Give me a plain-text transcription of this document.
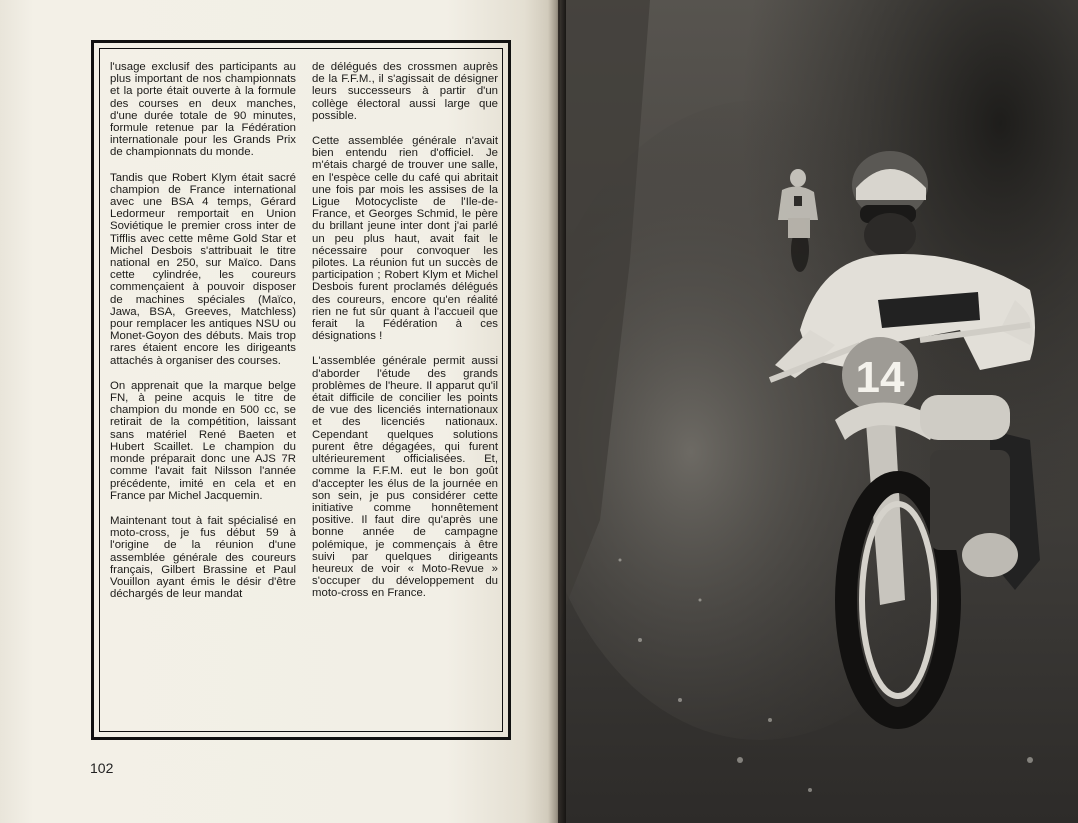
l'usage exclusif des participants au plus important de nos championnats et la porte était ouverte à la formule des courses en deux manches, d'une durée totale de 90 minutes, formule retenue par la Fédération internationale pour les Grands Prix de championnats du monde.

Tandis que Robert Klym était sacré champion de France international avec une BSA 4 temps, Gérard Ledormeur remportait en Union Soviétique le premier cross inter de Tifflis avec cette même Gold Star et Michel Desbois s'attribuait le titre national en 250, sur Maïco. Dans cette cylindrée, les coureurs commençaient à pouvoir disposer de machines spéciales (Maïco, Jawa, BSA, Greeves, Matchless) pour remplacer les antiques NSU ou Monet-Goyon des débuts. Mais trop rares étaient encore les dirigeants attachés à organiser des courses.

On apprenait que la marque belge FN, à peine acquis le titre de champion du monde en 500 cc, se retirait de la compétition, laissant sans matériel René Baeten et Hubert Scaillet. Le champion du monde préparait donc une AJS 7R comme l'avait fait Nilsson l'année précédente, imité en cela et en France par Michel Jacquemin.

Maintenant tout à fait spécialisé en moto-cross, je fus début 59 à l'origine de la réunion d'une assemblée générale des coureurs français, Gilbert Brassine et Paul Vouillon ayant émis le désir d'être déchargés de leur mandat

de délégués des crossmen auprès de la F.F.M., il s'agissait de désigner leurs successeurs à partir d'un collège électoral aussi large que possible.

Cette assemblée générale n'avait bien entendu rien d'officiel. Je m'étais chargé de trouver une salle, en l'espèce celle du café qui abritait une fois par mois les assises de la Ligue Motocycliste de l'Ile-de-France, et Georges Schmid, le père du brillant jeune inter dont j'ai parlé un peu plus haut, avait fait le nécessaire pour convoquer les pilotes. La réunion fut un succès de participation ; Robert Klym et Michel Desbois furent proclamés délégués des coureurs, encore qu'en réalité rien ne fut sûr quant à l'accueil que ferait la Fédération à ces désignations !

L'assemblée générale permit aussi d'aborder l'étude des grands problèmes de l'heure. Il apparut qu'il était difficile de concilier les points de vue des licenciés internationaux et des licenciés nationaux. Cependant quelques solutions purent être dégagées, qui furent ultérieurement officialisées. Et, comme la F.F.M. eut le bon goût d'accepter les élus de la journée en son sein, je pus considérer cette initiative comme honnêtement positive. Il faut dire qu'après une bonne année de campagne polémique, je commençais à être suivi par quelques dirigeants heureux de voir « Moto-Revue » s'occuper du développement du moto-cross en France.

102
14
